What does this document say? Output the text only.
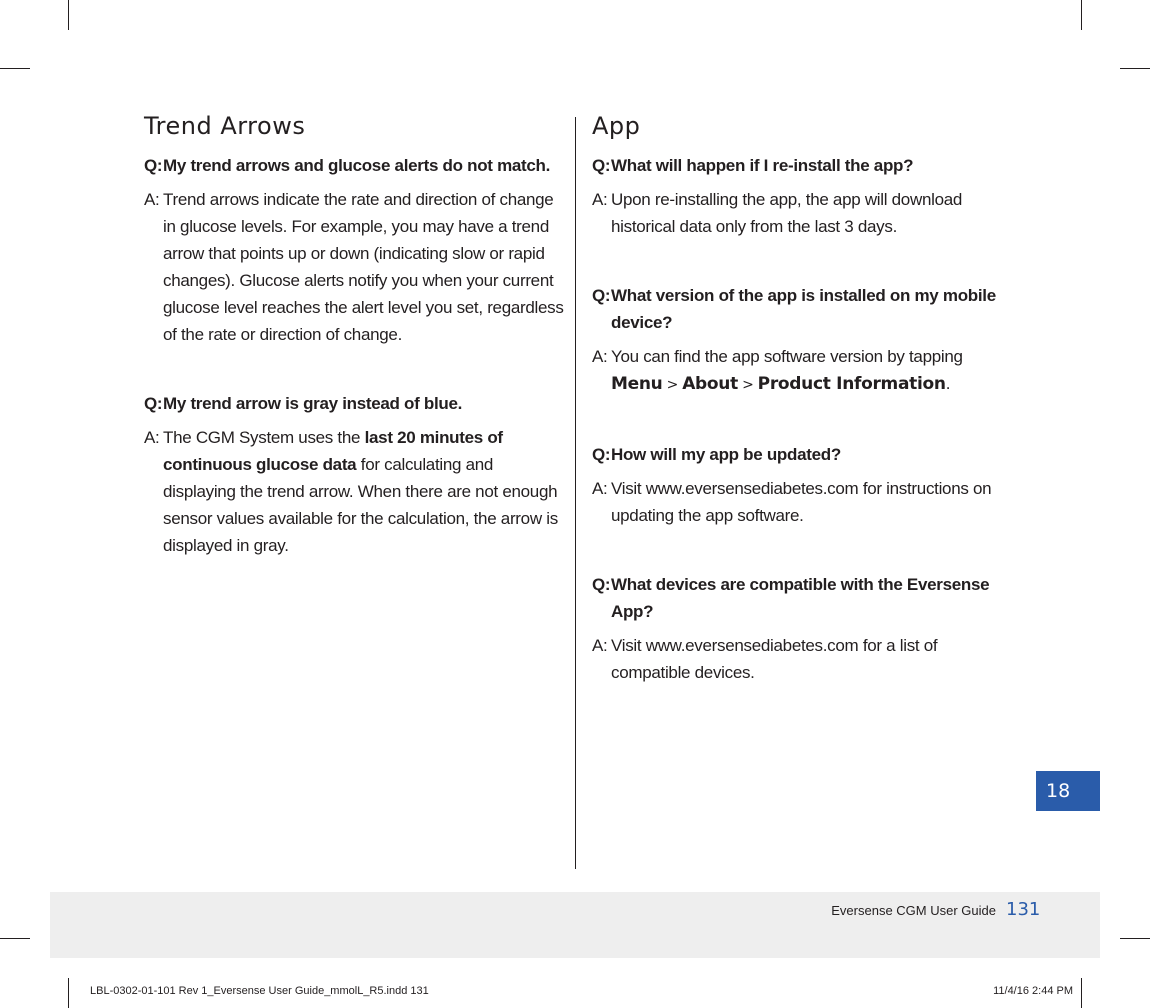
Trend Arrows

Q: My trend arrows and glucose alerts do not match.

A: Trend arrows indicate the rate and direction of change in glucose levels. For example, you may have a trend arrow that points up or down (indicating slow or rapid changes). Glucose alerts notify you when your current glucose level reaches the alert level you set, regardless of the rate or direction of change.

Q: My trend arrow is gray instead of blue.

A: The CGM System uses the last 20 minutes of continuous glucose data for calculating and displaying the trend arrow. When there are not enough sensor values available for the calculation, the arrow is displayed in gray.

App

Q: What will happen if I re-install the app?

A: Upon re-installing the app, the app will download historical data only from the last 3 days.

Q: What version of the app is installed on my mobile device?

A: You can find the app software version by tapping Menu > About > Product Information.

Q: How will my app be updated?

A: Visit www.eversensediabetes.com for instructions on updating the app software.

Q: What devices are compatible with the Eversense App?

A: Visit www.eversensediabetes.com for a list of compatible devices.

18
Eversense CGM User Guide 131
LBL-0302-01-101 Rev 1_Eversense User Guide_mmolL_R5.indd 131	11/4/16 2:44 PM
